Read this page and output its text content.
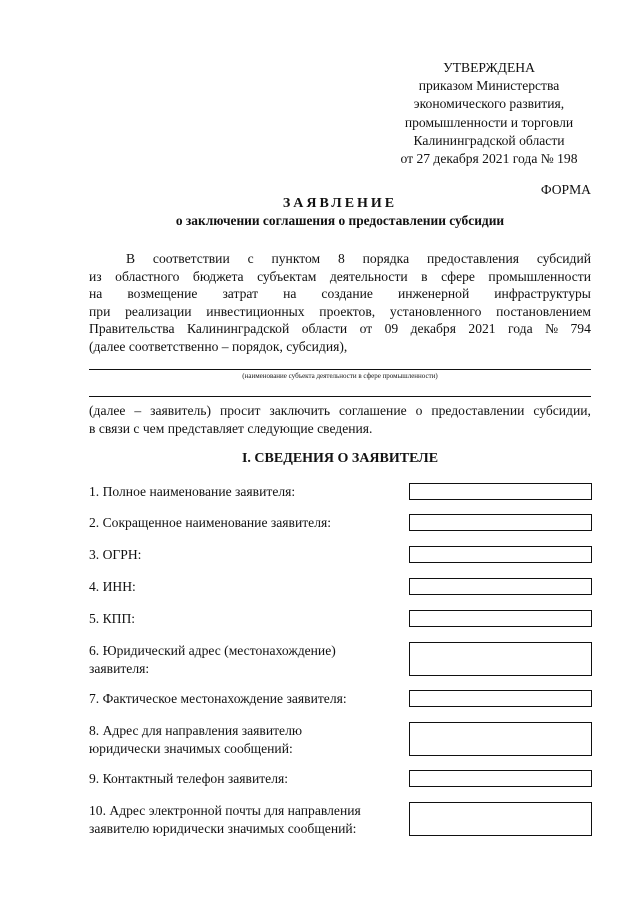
УТВЕРЖДЕНА
приказом Министерства
экономического развития,
промышленности и торговли
Калининградской области
от 27 декабря 2021 года № 198
ФОРМА
ЗАЯВЛЕНИЕ
о заключении соглашения о предоставлении субсидии
В соответствии с пунктом 8 порядка предоставления субсидий
из областного бюджета субъектам деятельности в сфере промышленности
на возмещение затрат на создание инженерной инфраструктуры
при реализации инвестиционных проектов, установленного постановлением
Правительства Калининградской области от 09 декабря 2021 года № 794
(далее соответственно – порядок, субсидия),
(наименование субъекта деятельности в сфере промышленности)
(далее – заявитель) просит заключить соглашение о предоставлении субсидии,
в связи с чем представляет следующие сведения.
I. СВЕДЕНИЯ О ЗАЯВИТЕЛЕ
1. Полное наименование заявителя:
2. Сокращенное наименование заявителя:
3. ОГРН:
4. ИНН:
5. КПП:
6. Юридический адрес (местонахождение) заявителя:
7. Фактическое местонахождение заявителя:
8. Адрес для направления заявителю юридически значимых сообщений:
9. Контактный телефон заявителя:
10. Адрес электронной почты для направления заявителю юридически значимых сообщений:
